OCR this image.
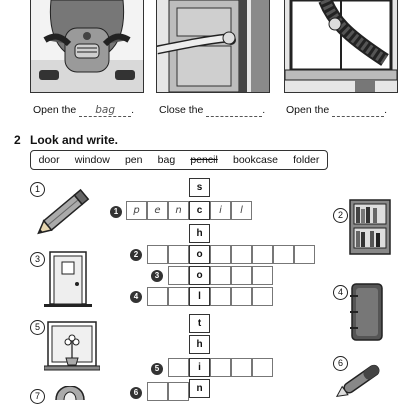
Open the bag . Close the	. Open the	.
2 Look and write.
door window pen bag pencil bookcase folder
1
2
3
4
5
6
7
s
c
h
o
o
l
t
h
i
n
1	p	e	n	i	l
2
3
4
5
6
